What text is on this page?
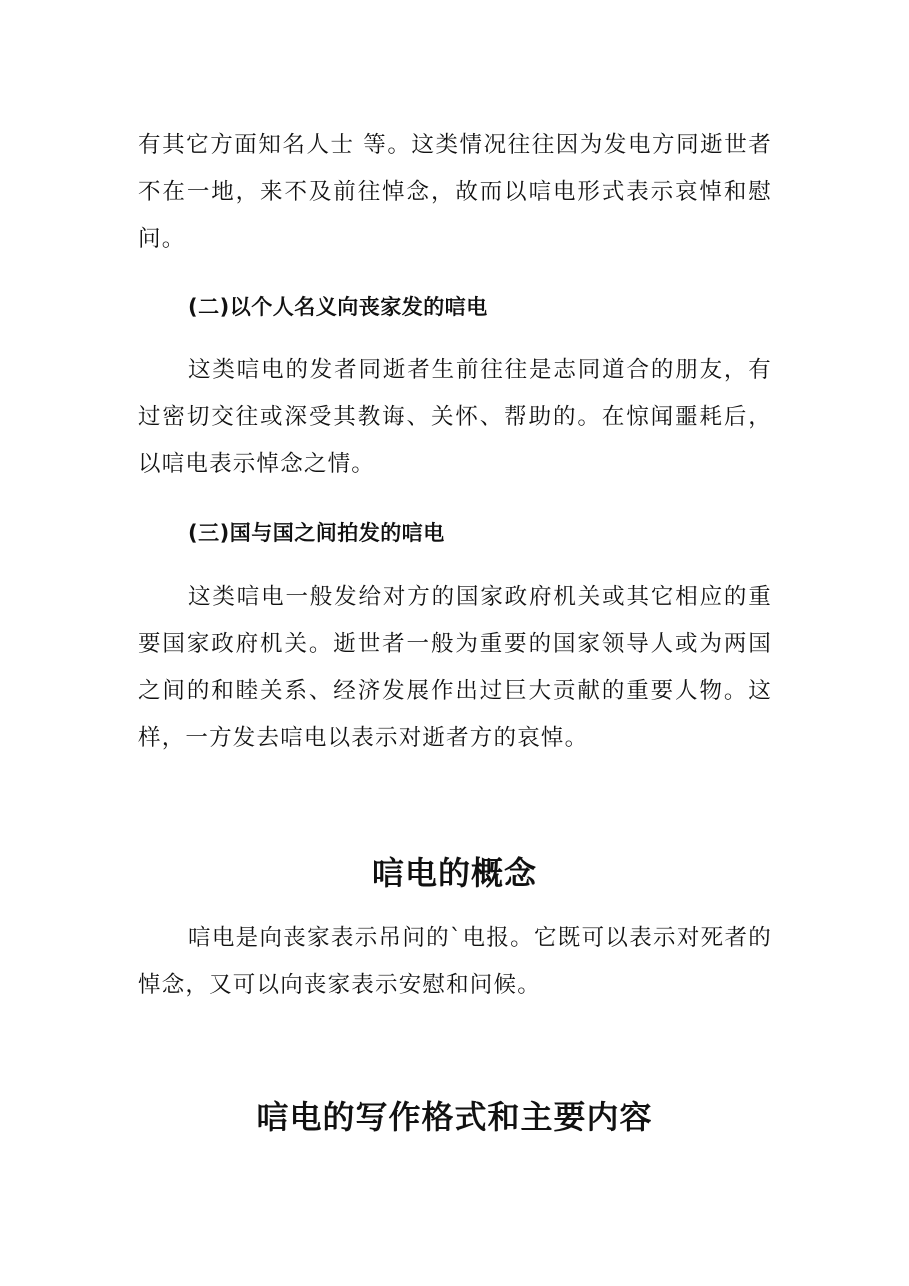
有其它方面知名人士 等。这类情况往往因为发电方同逝世者不在一地，来不及前往悼念，故而以唁电形式表示哀悼和慰问。

(二)以个人名义向丧家发的唁电

这类唁电的发者同逝者生前往往是志同道合的朋友，有过密切交往或深受其教诲、关怀、帮助的。在惊闻噩耗后，以唁电表示悼念之情。

(三)国与国之间拍发的唁电

这类唁电一般发给对方的国家政府机关或其它相应的重要国家政府机关。逝世者一般为重要的国家领导人或为两国之间的和睦关系、经济发展作出过巨大贡献的重要人物。这样，一方发去唁电以表示对逝者方的哀悼。

唁电的概念

唁电是向丧家表示吊问的`电报。它既可以表示对死者的悼念，又可以向丧家表示安慰和问候。

唁电的写作格式和主要内容
